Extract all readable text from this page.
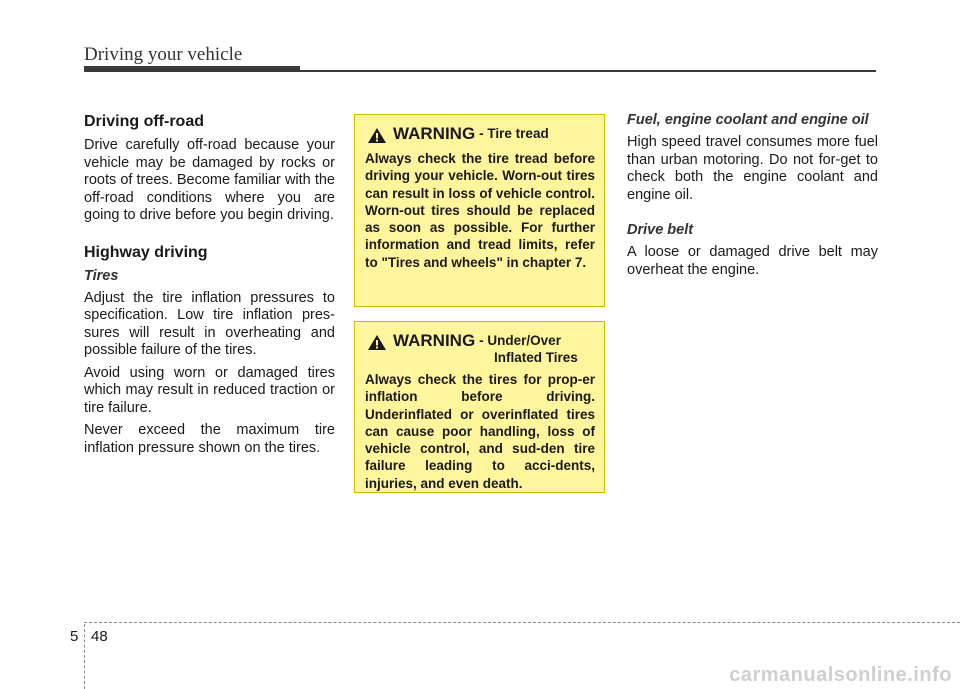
Driving your vehicle
Driving off-road

Drive carefully off-road because your vehicle may be damaged by rocks or roots of trees. Become familiar with the off-road conditions where you are going to drive before you begin driving.

Highway driving
Tires

Adjust the tire inflation pressures to specification. Low tire inflation pres-sures will result in overheating and possible failure of the tires.

Avoid using worn or damaged tires which may result in reduced traction or tire failure.

Never exceed the maximum tire inflation pressure shown on the tires.

WARNING - Tire tread

Always check the tire tread before driving your vehicle. Worn-out tires can result in loss of vehicle control. Worn-out tires should be replaced as soon as possible. For further information and tread limits, refer to "Tires and wheels" in chapter 7.

WARNING - Under/Over
Inflated Tires

Always check the tires for prop-er inflation before driving. Underinflated or overinflated tires can cause poor handling, loss of vehicle control, and sud-den tire failure leading to acci-dents, injuries, and even death.

Fuel, engine coolant and engine oil

High speed travel consumes more fuel than urban motoring. Do not for-get to check both the engine coolant and engine oil.

Drive belt

A loose or damaged drive belt may overheat the engine.

5 48
carmanualsonline.info
